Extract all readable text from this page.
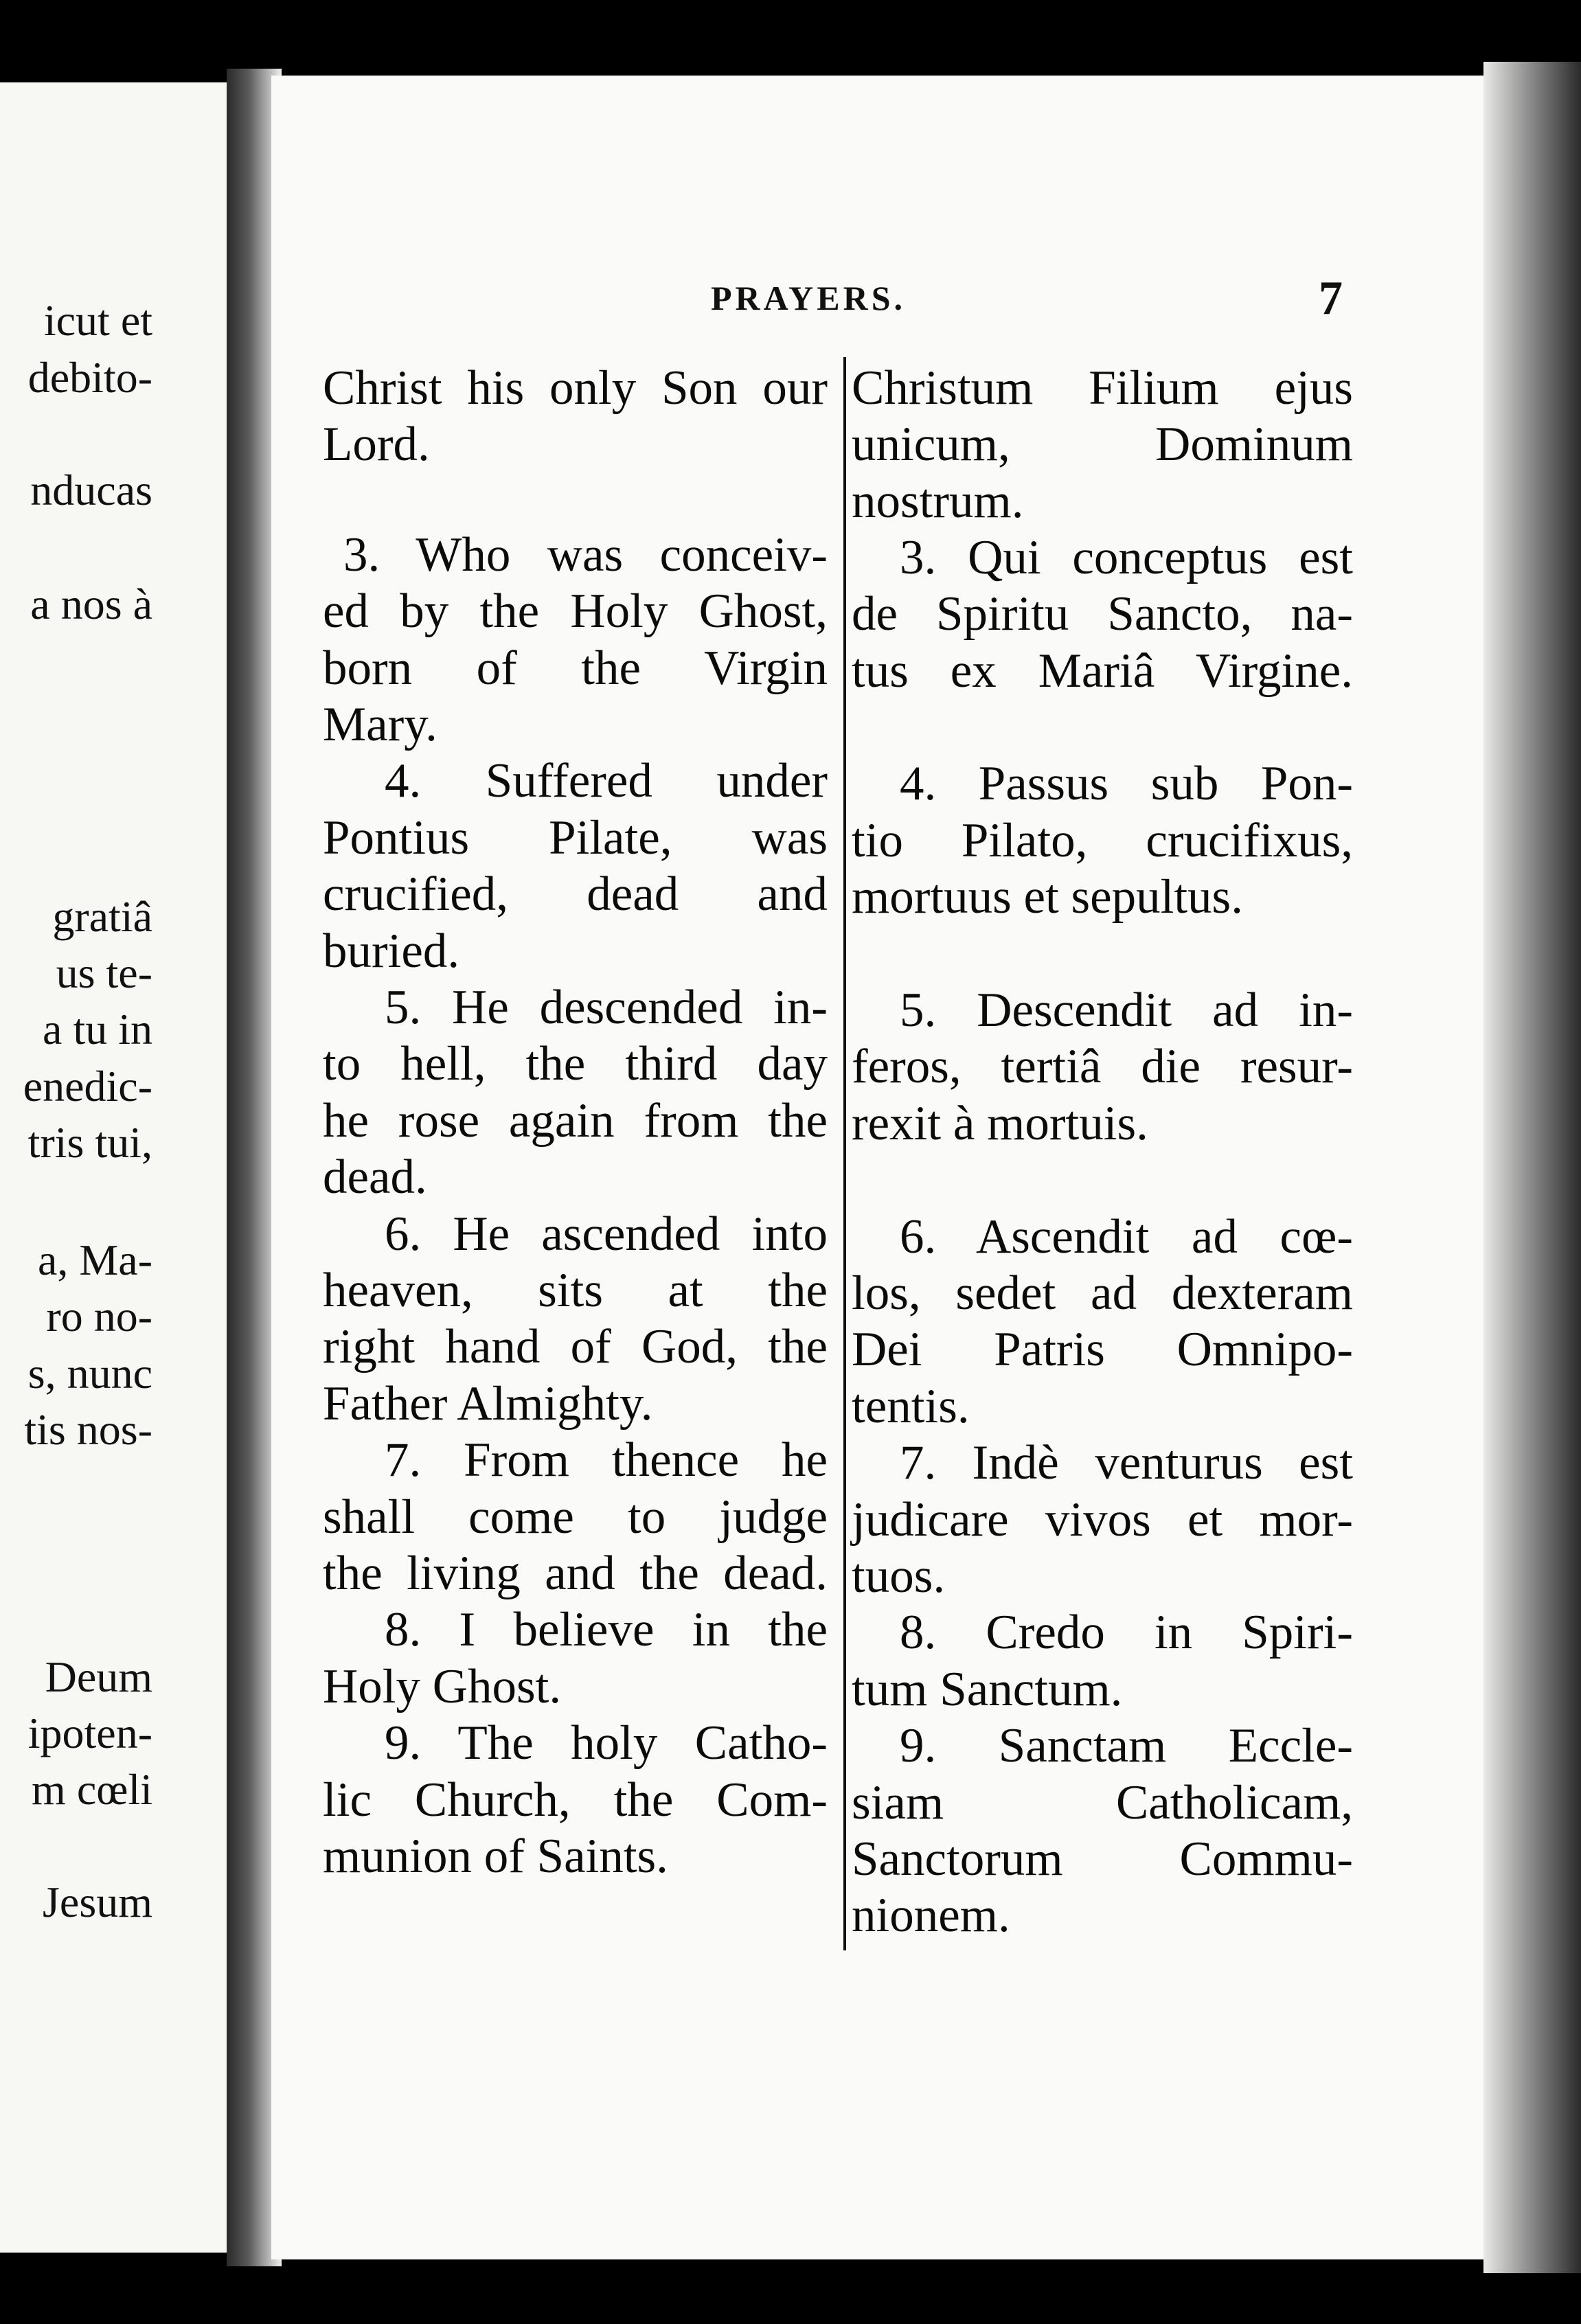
icut et
debito-
nducas
a nos à
gratiâ
us te-
a tu in
enedic-
tris tui,
a, Ma-
ro no-
s, nunc
tis nos-
Deum
ipoten-
m cœli
Jesum
PRAYERS.	7
Christ his only Son our
Lord.
3. Who was conceiv-
ed by the Holy Ghost,
born of the Virgin
Mary.
4. Suffered under
Pontius Pilate, was
crucified, dead and
buried.
5. He descended in-
to hell, the third day
he rose again from the
dead.
6. He ascended into
heaven, sits at the
right hand of God, the
Father Almighty.
7. From thence he
shall come to judge
the living and the dead.
8. I believe in the
Holy Ghost.
9. The holy Catho-
lic Church, the Com-
munion of Saints.
Christum Filium ejus
unicum, Dominum
nostrum.
3. Qui conceptus est
de Spiritu Sancto, na-
tus ex Mariâ Virgine.
4. Passus sub Pon-
tio Pilato, crucifixus,
mortuus et sepultus.
5. Descendit ad in-
feros, tertiâ die resur-
rexit à mortuis.
6. Ascendit ad cœ-
los, sedet ad dexteram
Dei Patris Omnipo-
tentis.
7. Indè venturus est
judicare vivos et mor-
tuos.
8. Credo in Spiri-
tum Sanctum.
9. Sanctam Eccle-
siam Catholicam,
Sanctorum Commu-
nionem.
